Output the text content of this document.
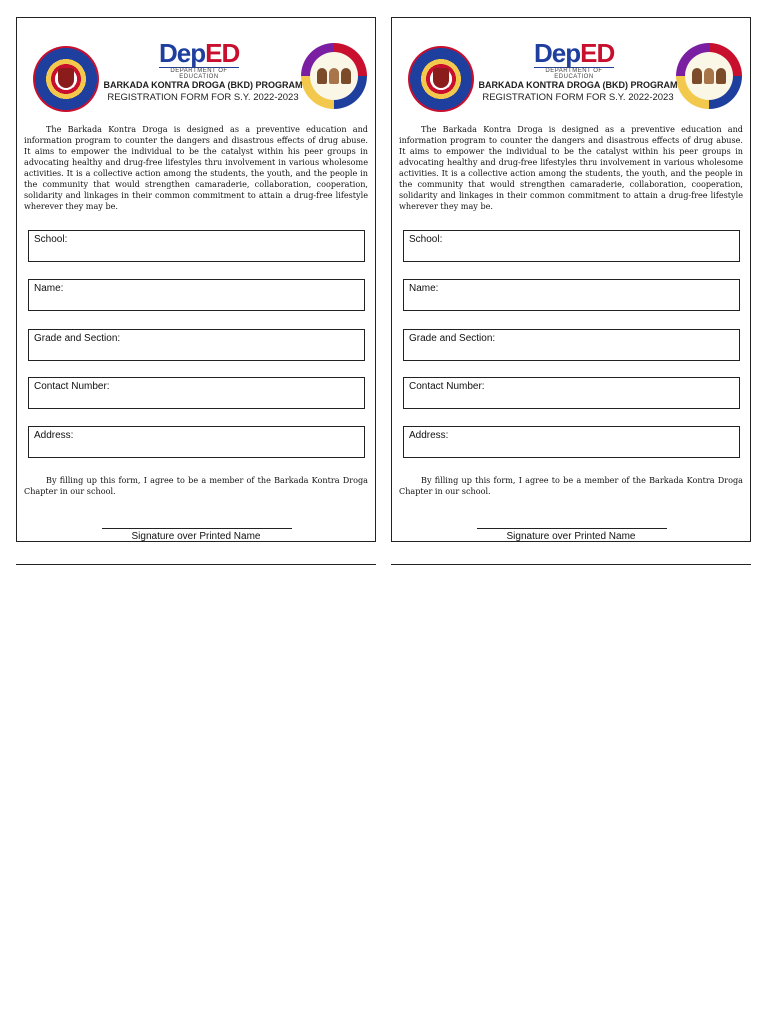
DepED
DEPARTMENT OF EDUCATION
BARKADA KONTRA DROGA (BKD) PROGRAM
REGISTRATION FORM FOR S.Y. 2022-2023
The Barkada Kontra Droga is designed as a preventive education and information program to counter the dangers and disastrous effects of drug abuse. It aims to empower the individual to be the catalyst within his peer groups in advocating healthy and drug-free lifestyles thru involvement in various wholesome activities. It is a collective action among the students, the youth, and the people in the community that would strengthen camaraderie, collaboration, cooperation, solidarity and linkages in their common commitment to attain a drug-free lifestyle wherever they may be.
School:
Name:
Grade and Section:
Contact Number:
Address:
By filling up this form, I agree to be a member of the Barkada Kontra Droga Chapter in our school.
Signature over Printed Name
DepED
DEPARTMENT OF EDUCATION
BARKADA KONTRA DROGA (BKD) PROGRAM
REGISTRATION FORM FOR S.Y. 2022-2023
The Barkada Kontra Droga is designed as a preventive education and information program to counter the dangers and disastrous effects of drug abuse. It aims to empower the individual to be the catalyst within his peer groups in advocating healthy and drug-free lifestyles thru involvement in various wholesome activities. It is a collective action among the students, the youth, and the people in the community that would strengthen camaraderie, collaboration, cooperation, solidarity and linkages in their common commitment to attain a drug-free lifestyle wherever they may be.
School:
Name:
Grade and Section:
Contact Number:
Address:
By filling up this form, I agree to be a member of the Barkada Kontra Droga Chapter in our school.
Signature over Printed Name
